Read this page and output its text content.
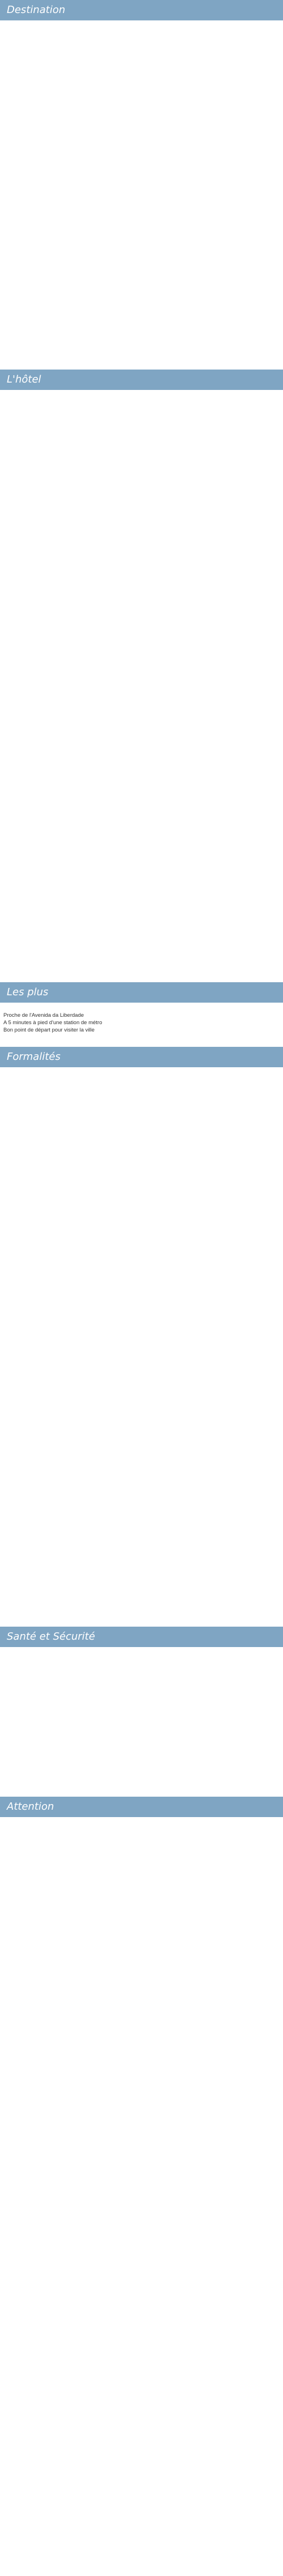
Destination
L'hôtel
Les plus
Proche de l'Avenida da Liberdade
A 5 minutes à pied d'une station de métro
Bon point de départ pour visiter la ville
Formalités
Santé et Sécurité
Attention
